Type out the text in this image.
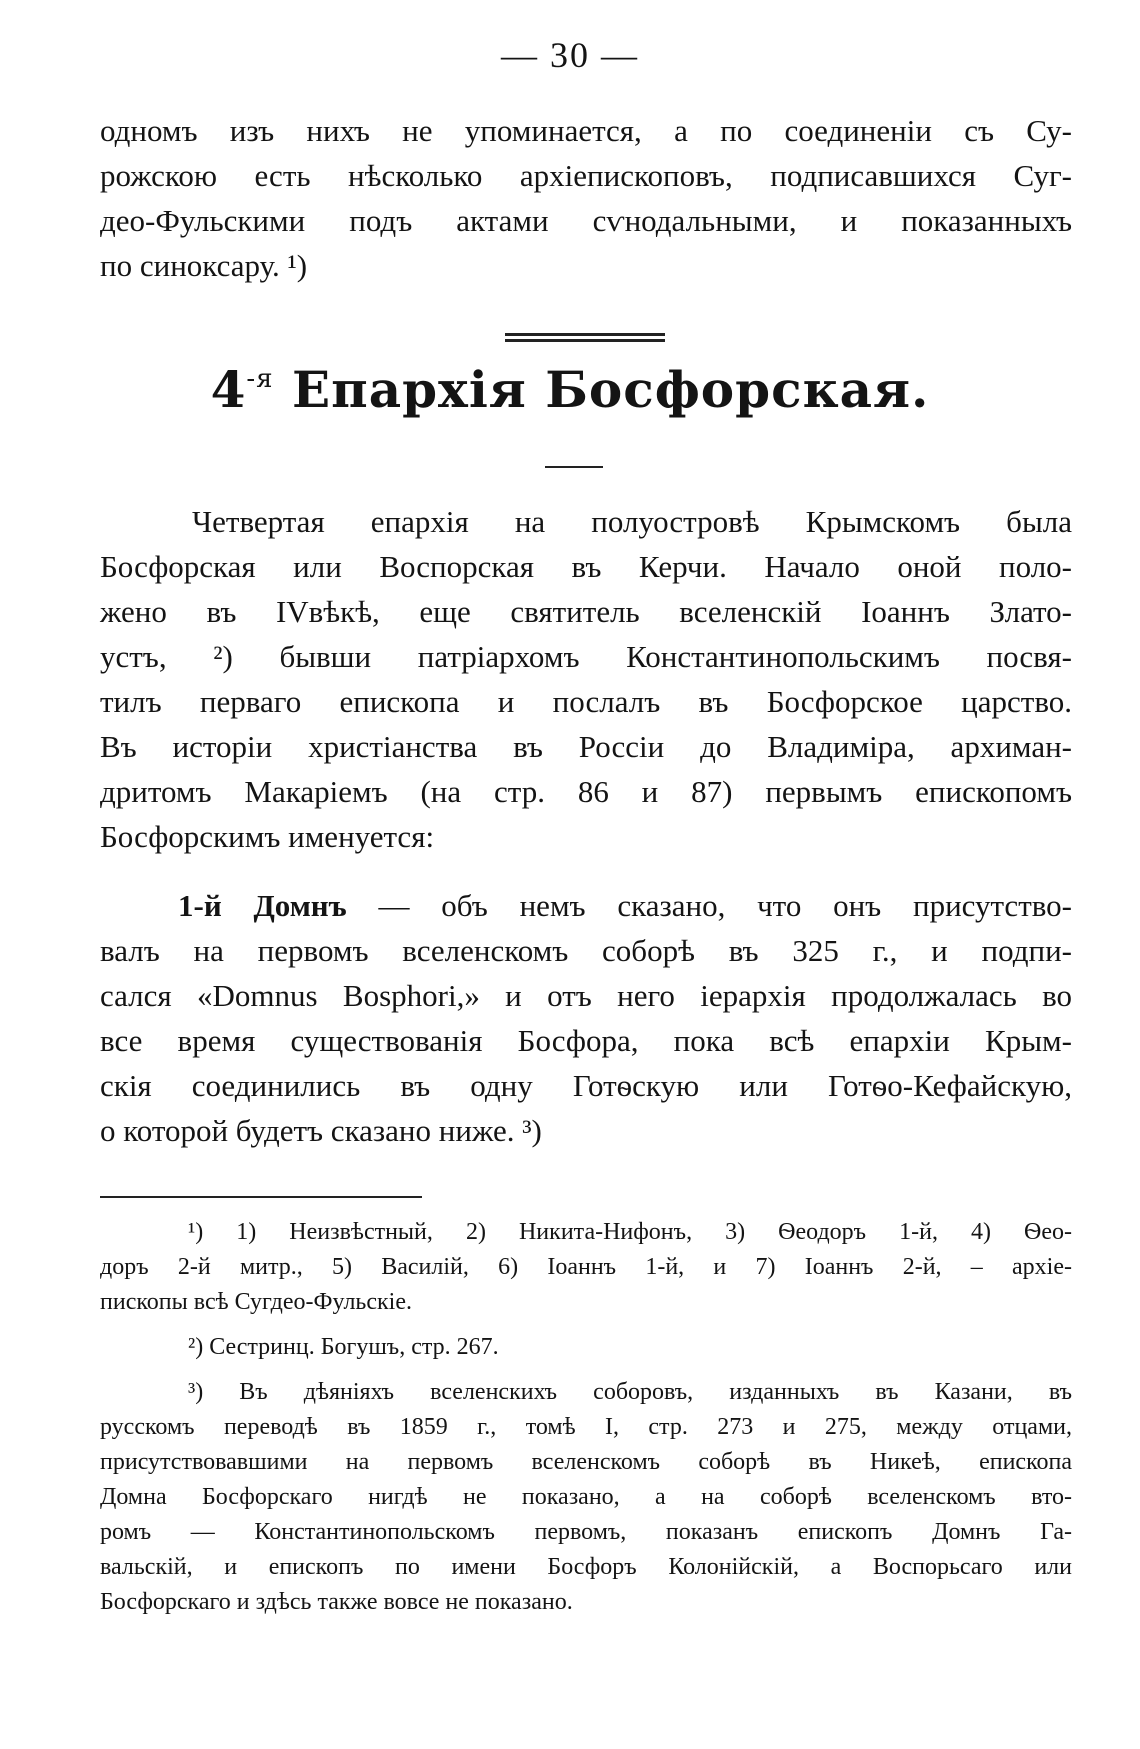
— 30 —
одномъ изъ нихъ не упоминается, а по соединеніи съ Су-
рожскою есть нѣсколько архіепископовъ, подписавшихся Суг-
део-Фульскими подъ актами сѵнодальными, и показанныхъ
по синоксару. ¹)
$4^{-я}$ Епархія Босфорская.
Четвертая епархія на полуостровѣ Крымскомъ была
Босфорская или Воспорская въ Керчи. Начало оной поло-
жено въ IVвѣкѣ, еще святитель вселенскій Іоаннъ Злато-
устъ, ²) бывши патріархомъ Константинопольскимъ посвя-
тилъ перваго епископа и послалъ въ Босфорское царство.
Въ исторіи христіанства въ Россіи до Владиміра, архиман-
дритомъ Макаріемъ (на стр. 86 и 87) первымъ епископомъ
Босфорскимъ именуется:
1-й Домнъ — объ немъ сказано, что онъ присутство-
валъ на первомъ вселенскомъ соборѣ въ 325 г., и подпи-
сался «Domnus Bosphori,» и отъ него іерархія продолжалась во
все время существованія Босфора, пока всѣ епархіи Крым-
скія соединились въ одну Готѳскую или Готѳо-Кефайскую,
о которой будетъ сказано ниже. ³)
¹) 1) Неизвѣстный, 2) Никита-Нифонъ, 3) Ѳеодоръ 1-й, 4) Ѳео-
доръ 2-й митр., 5) Василій, 6) Іоаннъ 1-й, и 7) Іоаннъ 2-й, – архіе-
пископы всѣ Сугдео-Фульскіе.
²) Сестринц. Богушъ, стр. 267.
³) Въ дѣяніяхъ вселенскихъ соборовъ, изданныхъ въ Казани, въ
русскомъ переводѣ въ 1859 г., томѣ I, стр. 273 и 275, между отцами,
присутствовавшими на первомъ вселенскомъ соборѣ въ Никеѣ, епископа
Домна Босфорскаго нигдѣ не показано, а на соборѣ вселенскомъ вто-
ромъ — Константинопольскомъ первомъ, показанъ епископъ Домнъ Га-
вальскій, и епископъ по имени Босфоръ Колонійскій, а Воспорьсаго или
Босфорскаго и здѣсь также вовсе не показано.
